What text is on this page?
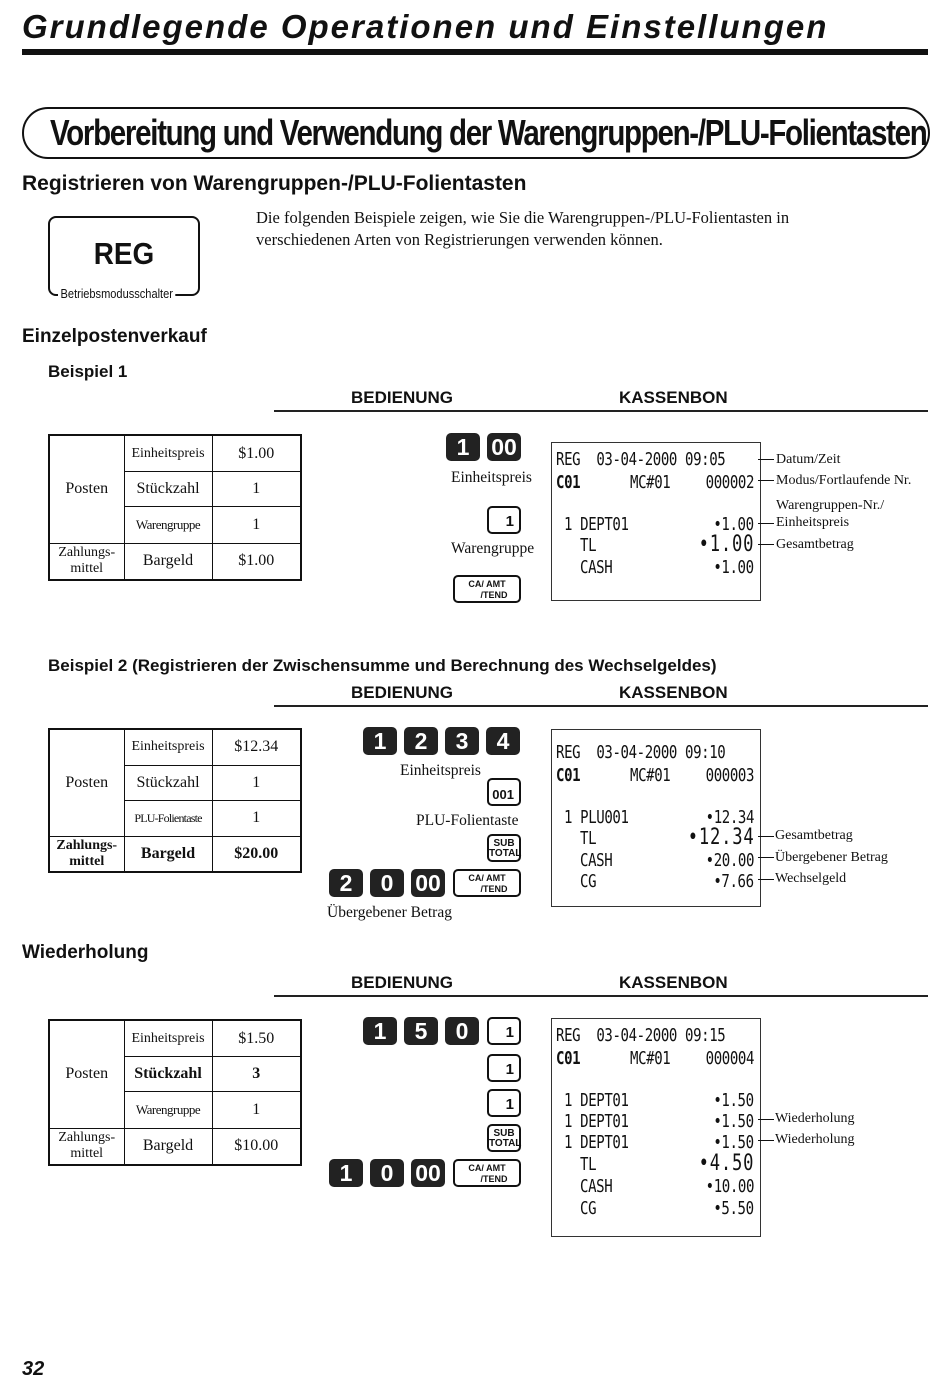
Grundlegende Operationen und Einstellungen
Vorbereitung und Verwendung der Warengruppen-/PLU-Folientasten
Registrieren von Warengruppen-/PLU-Folientasten
REG
Betriebsmodusschalter
Die folgenden Beispiele zeigen, wie Sie die Warengruppen-/PLU-Folientasten in verschiedenen Arten von Registrierungen verwenden können.
Einzelpostenverkauf
Beispiel 1
BEDIENUNG	KASSENBON
Posten	Einheitspreis	$1.00
	Stückzahl	1
	Warengruppe	1
Zahlungs-
mittel	Bargeld	$1.00
1 00
Einheitspreis
1
Warengruppe
CA/ AMT
/TEND
REG  03-04-2000 09:05
C01	MC#01 000002
1 DEPT01	•1.00
TL	•1.00
CASH	•1.00
Datum/Zeit
Modus/Fortlaufende Nr.
Warengruppen-Nr./
Einheitspreis
Gesamtbetrag
Beispiel 2 (Registrieren der Zwischensumme und Berechnung des Wechselgeldes)
BEDIENUNG	KASSENBON
Posten	Einheitspreis	$12.34
	Stückzahl	1
	PLU-Folientaste	1
Zahlungs-
mittel	Bargeld	$20.00
1	2	3	4
Einheitspreis
001
PLU-Folientaste
SUB
TOTAL
2	0 00	CA/ AMT
/TEND
Übergebener Betrag
REG  03-04-2000 09:10
C01	MC#01 000003
1 PLU001	•12.34
TL	•12.34
CASH	•20.00
CG	•7.66
Gesamtbetrag
Übergebener Betrag
Wechselgeld
Wiederholung
BEDIENUNG	KASSENBON
Posten	Einheitspreis	$1.50
	Stückzahl	3
	Warengruppe	1
Zahlungs-
mittel	Bargeld	$10.00
1	5	0	1
1
1
SUB
TOTAL
1	0 00	CA/ AMT
/TEND
REG  03-04-2000 09:15
C01	MC#01 000004
1 DEPT01	•1.50
1 DEPT01	•1.50
1 DEPT01	•1.50
TL	•4.50
CASH	•10.00
CG	•5.50
Wiederholung
Wiederholung
32
